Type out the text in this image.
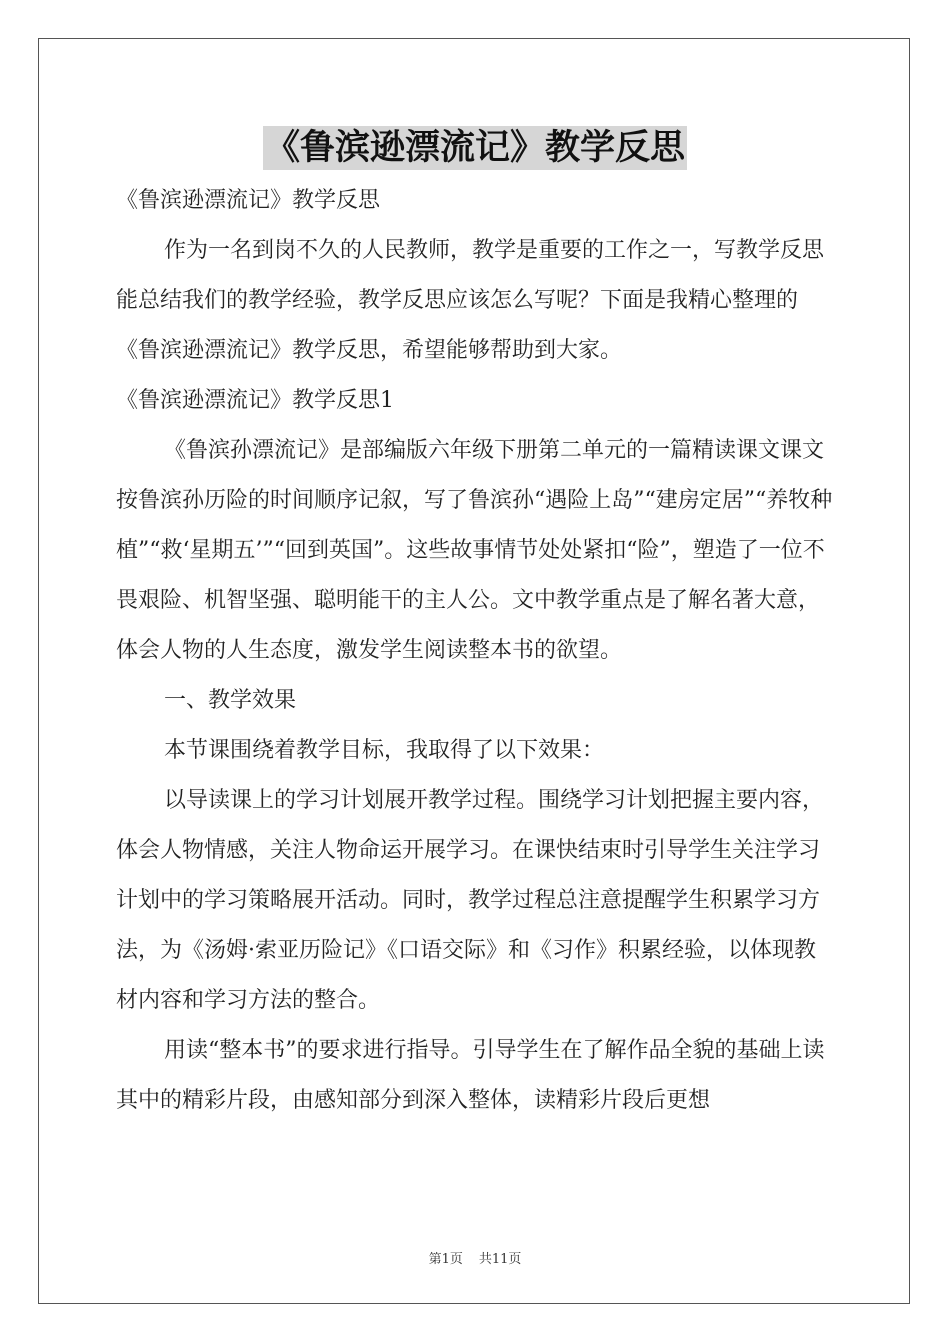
《鲁滨逊漂流记》教学反思

《鲁滨逊漂流记》教学反思

作为一名到岗不久的人民教师，教学是重要的工作之一，写教学反思能总结我们的教学经验，教学反思应该怎么写呢？下面是我精心整理的《鲁滨逊漂流记》教学反思，希望能够帮助到大家。

《鲁滨逊漂流记》教学反思1

《鲁滨孙漂流记》是部编版六年级下册第二单元的一篇精读课文课文按鲁滨孙历险的时间顺序记叙，写了鲁滨孙“遇险上岛”“建房定居”“养牧种植”“救‘星期五’”“回到英国”。这些故事情节处处紧扣“险”，塑造了一位不畏艰险、机智坚强、聪明能干的主人公。文中教学重点是了解名著大意，体会人物的人生态度，激发学生阅读整本书的欲望。

一、教学效果

本节课围绕着教学目标，我取得了以下效果：

以导读课上的学习计划展开教学过程。围绕学习计划把握主要内容，体会人物情感，关注人物命运开展学习。在课快结束时引导学生关注学习计划中的学习策略展开活动。同时，教学过程总注意提醒学生积累学习方法，为《汤姆·索亚历险记》《口语交际》和《习作》积累经验，以体现教材内容和学习方法的整合。

用读“整本书”的要求进行指导。引导学生在了解作品全貌的基础上读其中的精彩片段，由感知部分到深入整体，读精彩片段后更想

第1页 共11页
